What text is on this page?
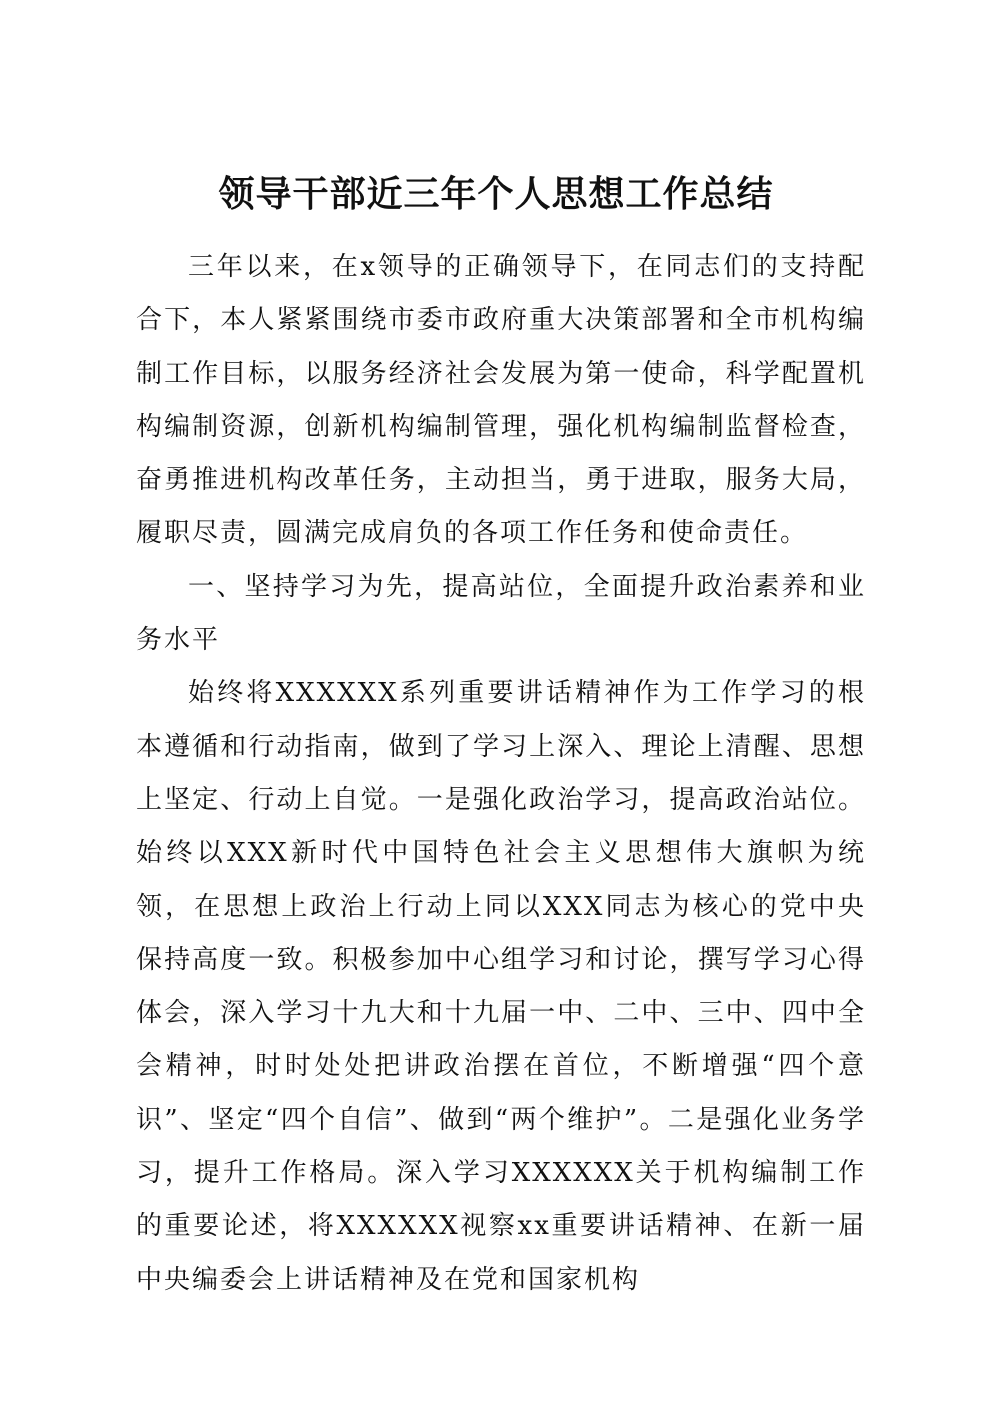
领导干部近三年个人思想工作总结

三年以来，在x领导的正确领导下，在同志们的支持配合下，本人紧紧围绕市委市政府重大决策部署和全市机构编制工作目标，以服务经济社会发展为第一使命，科学配置机构编制资源，创新机构编制管理，强化机构编制监督检查，奋勇推进机构改革任务，主动担当，勇于进取，服务大局，履职尽责，圆满完成肩负的各项工作任务和使命责任。

一、坚持学习为先，提高站位，全面提升政治素养和业务水平

始终将XXXXXX系列重要讲话精神作为工作学习的根本遵循和行动指南，做到了学习上深入、理论上清醒、思想上坚定、行动上自觉。一是强化政治学习，提高政治站位。始终以XXX新时代中国特色社会主义思想伟大旗帜为统领，在思想上政治上行动上同以XXX同志为核心的党中央保持高度一致。积极参加中心组学习和讨论，撰写学习心得体会，深入学习十九大和十九届一中、二中、三中、四中全会精神，时时处处把讲政治摆在首位，不断增强“四个意识”、坚定“四个自信”、做到“两个维护”。二是强化业务学习，提升工作格局。深入学习XXXXXX关于机构编制工作的重要论述，将XXXXXX视察xx重要讲话精神、在新一届中央编委会上讲话精神及在党和国家机构
